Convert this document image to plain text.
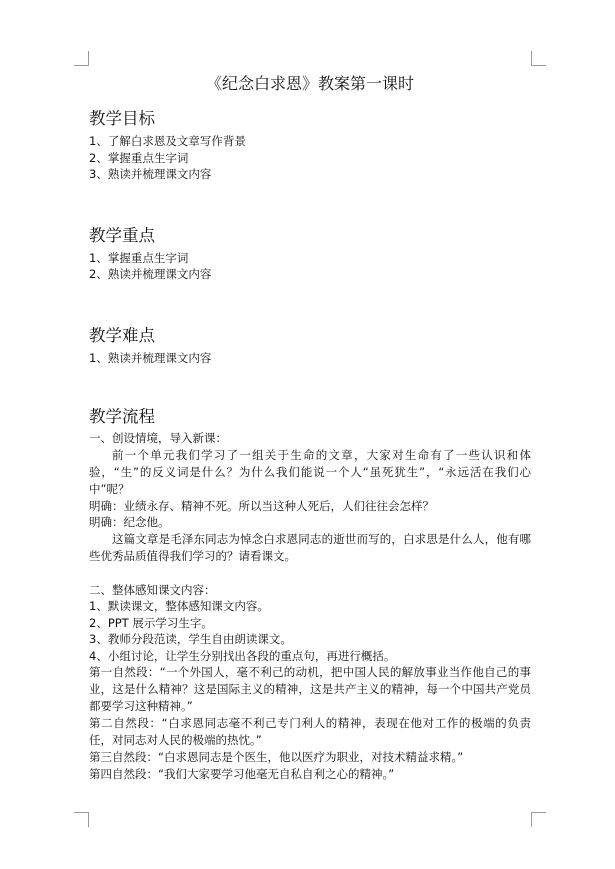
《纪念白求恩》教案第一课时

教学目标

1、了解白求恩及文章写作背景

2、掌握重点生字词

3、熟读并梳理课文内容

教学重点

1、掌握重点生字词

2、熟读并梳理课文内容

教学难点

1、熟读并梳理课文内容

教学流程

一、创设情境，导入新课：

前一个单元我们学习了一组关于生命的文章，大家对生命有了一些认识和体验，“生”的反义词是什么？为什么我们能说一个人“虽死犹生”，“永远活在我们心中”呢？

明确：业绩永存、精神不死。所以当这种人死后，人们往往会怎样？

明确：纪念他。

这篇文章是毛泽东同志为悼念白求恩同志的逝世而写的，白求思是什么人，他有哪些优秀品质值得我们学习的？请看课文。

二、整体感知课文内容：

1、默读课文，整体感知课文内容。

2、PPT 展示学习生字。

3、教师分段范读，学生自由朗读课文。

4、小组讨论，让学生分别找出各段的重点句，再进行概括。

第一自然段：“一个外国人，毫不利己的动机，把中国人民的解放事业当作他自己的事业，这是什么精神？这是国际主义的精神，这是共产主义的精神，每一个中国共产党员都要学习这种精神。”

第二自然段：“白求恩同志毫不利己专门利人的精神，表现在他对工作的极端的负责任，对同志对人民的极端的热忱。”

第三自然段：“白求恩同志是个医生，他以医疗为职业，对技术精益求精。”

第四自然段：“我们大家要学习他毫无自私自利之心的精神。”
